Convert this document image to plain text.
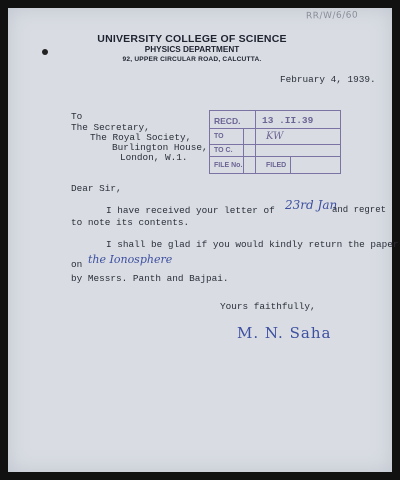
RR/W/6/60
UNIVERSITY COLLEGE OF SCIENCE
PHYSICS DEPARTMENT
92, UPPER CIRCULAR ROAD, CALCUTTA.
February 4, 1939.
To
The Secretary,
The Royal Society,
Burlington House,
London, W.1.
RECD. 13 .II.39
TO	KW
TO C.
FILE No.	FILED
Dear Sir,
I have received your letter of 23rd Jan
and regret
to note its contents.
I shall be glad if you would kindly return the paper
on the Ionosphere
by Messrs. Panth and Bajpai.
Yours faithfully,
M. N. Saha
